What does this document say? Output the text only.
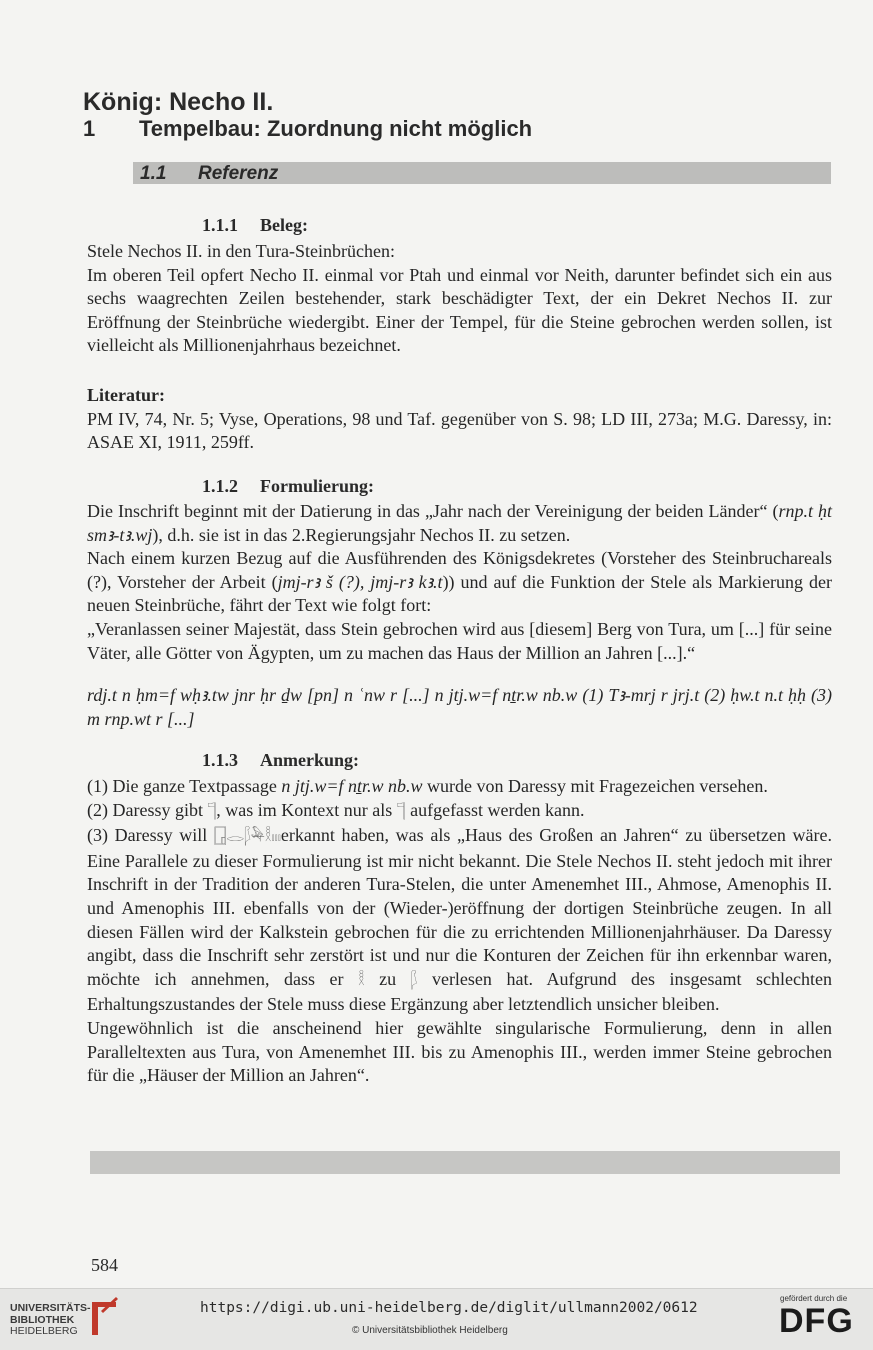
König: Necho II.
1 Tempelbau: Zuordnung nicht möglich
1.1 Referenz
1.1.1 Beleg:

Stele Nechos II. in den Tura-Steinbrüchen:
Im oberen Teil opfert Necho II. einmal vor Ptah und einmal vor Neith, darunter befindet sich ein aus sechs waagrechten Zeilen bestehender, stark beschädigter Text, der ein Dekret Nechos II. zur Eröffnung der Steinbrüche wiedergibt. Einer der Tempel, für die Steine gebrochen werden sollen, ist vielleicht als Millionenjahrhaus bezeichnet.

Literatur:
PM IV, 74, Nr. 5; Vyse, Operations, 98 und Taf. gegenüber von S. 98; LD III, 273a; M.G. Daressy, in: ASAE XI, 1911, 259ff.

1.1.2 Formulierung:

Die Inschrift beginnt mit der Datierung in das „Jahr nach der Vereinigung der beiden Länder“ (rnp.t ḥt smꜣ-tꜣ.wj), d.h. sie ist in das 2.Regierungsjahr Nechos II. zu setzen.
Nach einem kurzen Bezug auf die Ausführenden des Königsdekretes (Vorsteher des Steinbruchareals (?), Vorsteher der Arbeit (jmj-rꜣ š (?), jmj-rꜣ kꜣ.t)) und auf die Funktion der Stele als Markierung der neuen Steinbrüche, fährt der Text wie folgt fort:
„Veranlassen seiner Majestät, dass Stein gebrochen wird aus [diesem] Berg von Tura, um [...] für seine Väter, alle Götter von Ägypten, um zu machen das Haus der Million an Jahren [...].“

rdj.t n ḥm=f wḥꜣ.tw jnr ḥr ḏw [pn] n ʿnw r [...] n jtj.w=f nṯr.w nb.w (1) Tꜣ-mrj r jrj.t (2) ḥw.t n.t ḥḥ (3) m rnp.wt r [...]

1.1.3 Anmerkung:

(1) Die ganze Textpassage n jtj.w=f nṯr.w nb.w wurde von Daressy mit Fragezeichen versehen.
(2) Daressy gibt 𓊹, was im Kontext nur als 𓊹 aufgefasst werden kann.
(3) Daressy will 𓉗𓂋𓆄𓅆𓎛𓏤𓏤𓏤erkannt haben, was als „Haus des Großen an Jahren“ zu übersetzen wäre. Eine Parallele zu dieser Formulierung ist mir nicht bekannt. Die Stele Nechos II. steht jedoch mit ihrer Inschrift in der Tradition der anderen Tura-Stelen, die unter Amenemhet III., Ahmose, Amenophis II. und Amenophis III. ebenfalls von der (Wieder-)eröffnung der dortigen Steinbrüche zeugen. In all diesen Fällen wird der Kalkstein gebrochen für die zu errichtenden Millionenjahrhäuser. Da Daressy angibt, dass die Inschrift sehr zerstört ist und nur die Konturen der Zeichen für ihn erkennbar waren, möchte ich annehmen, dass er 𓎛 zu 𓆄 verlesen hat. Aufgrund des insgesamt schlechten Erhaltungszustandes der Stele muss diese Ergänzung aber letztendlich unsicher bleiben.
Ungewöhnlich ist die anscheinend hier gewählte singularische Formulierung, denn in allen Paralleltexten aus Tura, von Amenemhet III. bis zu Amenophis III., werden immer Steine gebrochen für die „Häuser der Million an Jahren“.

584
UNIVERSITÄTS-
BIBLIOTHEK
HEIDELBERG
https://digi.ub.uni-heidelberg.de/diglit/ullmann2002/0612
© Universitätsbibliothek Heidelberg
gefördert durch die
DFG
